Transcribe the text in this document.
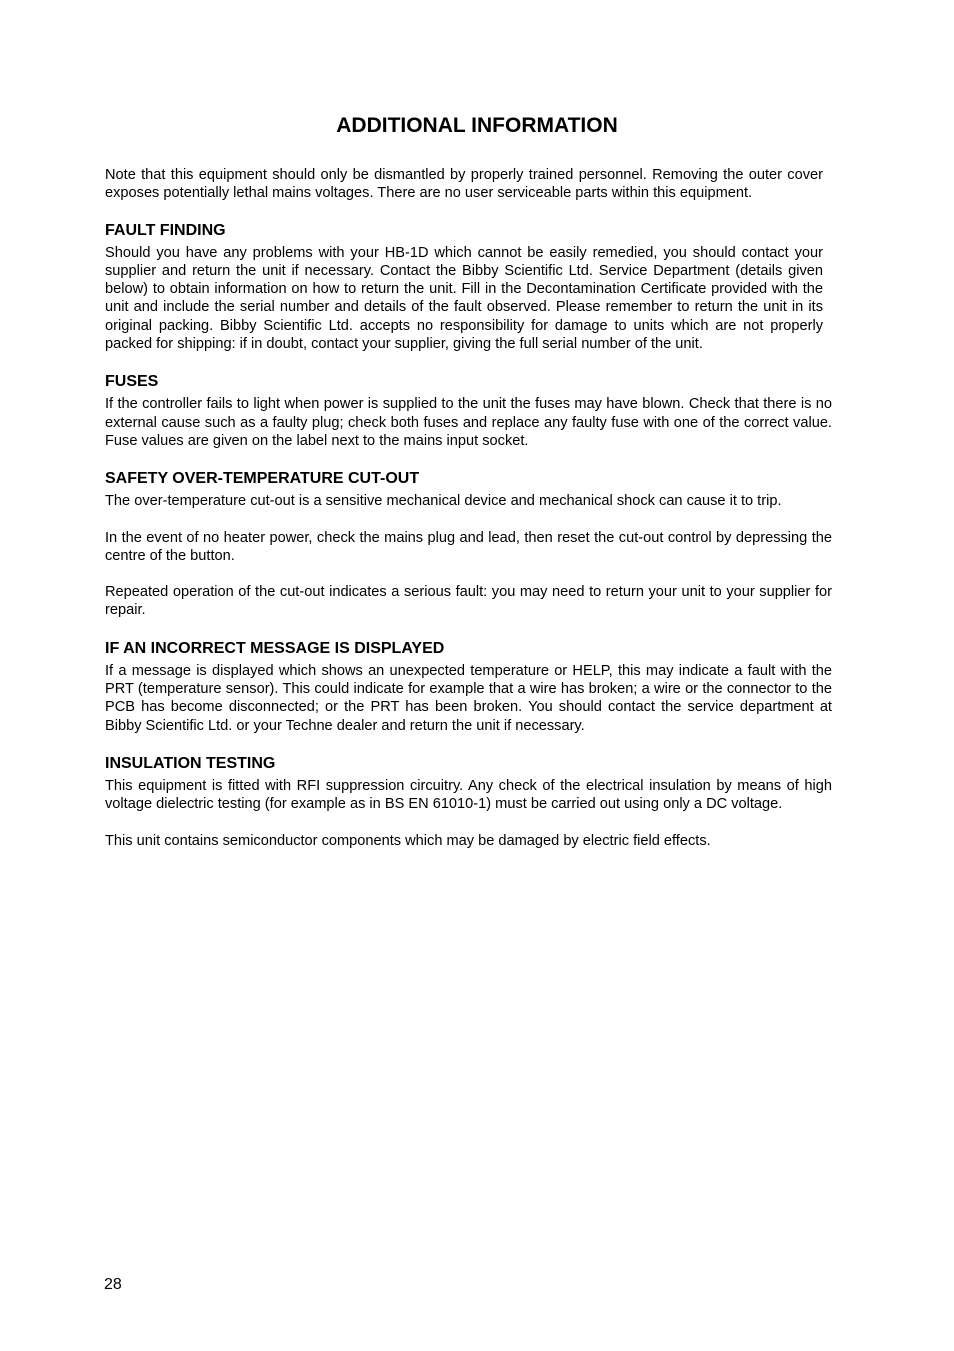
ADDITIONAL INFORMATION

Note that this equipment should only be dismantled by properly trained personnel. Removing the outer cover exposes potentially lethal mains voltages. There are no user serviceable parts within this equipment.

FAULT FINDING

Should you have any problems with your HB-1D which cannot be easily remedied, you should contact your supplier and return the unit if necessary. Contact the Bibby Scientific Ltd. Service Department (details given below) to obtain information on how to return the unit. Fill in the Decontamination Certificate provided with the unit and include the serial number and details of the fault observed. Please remember to return the unit in its original packing. Bibby Scientific Ltd. accepts no responsibility for damage to units which are not properly packed for shipping: if in doubt, contact your supplier, giving the full serial number of the unit.

FUSES

If the controller fails to light when power is supplied to the unit the fuses may have blown. Check that there is no external cause such as a faulty plug; check both fuses and replace any faulty fuse with one of the correct value. Fuse values are given on the label next to the mains input socket.

SAFETY OVER-TEMPERATURE CUT-OUT

The over-temperature cut-out is a sensitive mechanical device and mechanical shock can cause it to trip.

In the event of no heater power, check the mains plug and lead, then reset the cut-out control by depressing the centre of the button.

Repeated operation of the cut-out indicates a serious fault: you may need to return your unit to your supplier for repair.

IF AN INCORRECT MESSAGE IS DISPLAYED

If a message is displayed which shows an unexpected temperature or HELP, this may indicate a fault with the PRT (temperature sensor). This could indicate for example that a wire has broken; a wire or the connector to the PCB has become disconnected; or the PRT has been broken. You should contact the service department at Bibby Scientific Ltd. or your Techne dealer and return the unit if necessary.

INSULATION TESTING

This equipment is fitted with RFI suppression circuitry. Any check of the electrical insulation by means of high voltage dielectric testing (for example as in BS EN 61010-1) must be carried out using only a DC voltage.

This unit contains semiconductor components which may be damaged by electric field effects.

28
